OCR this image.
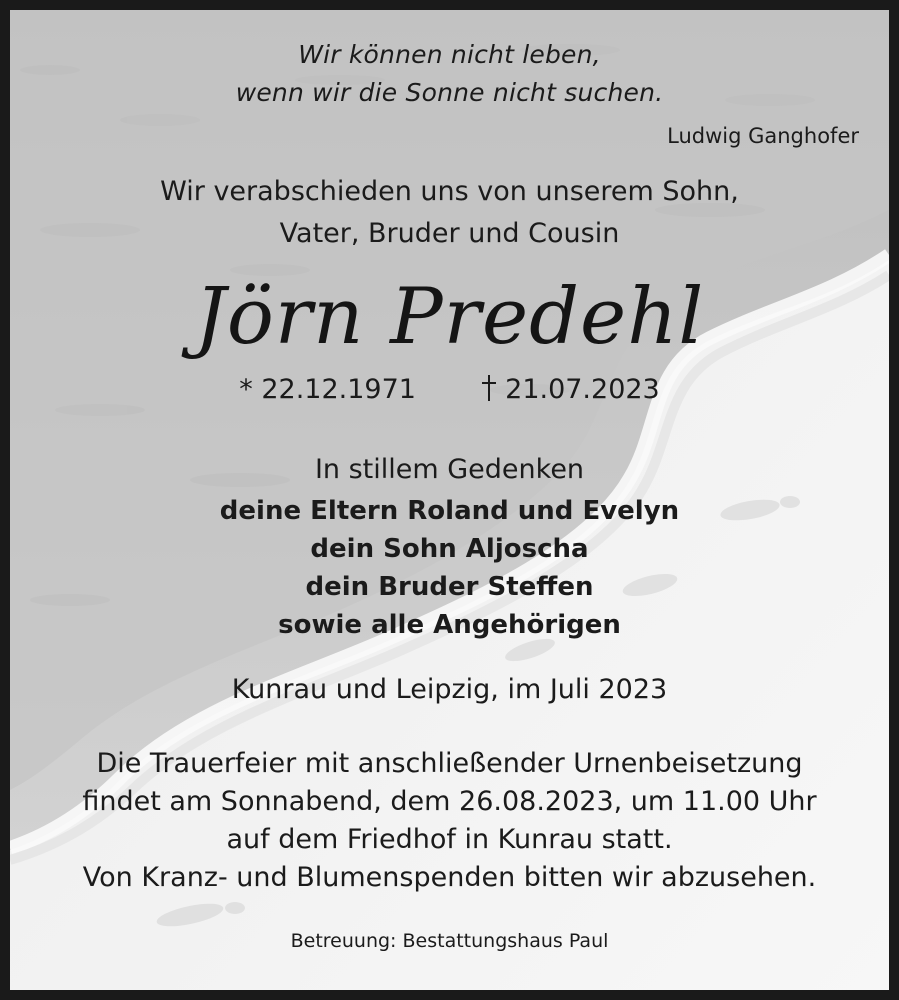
Wir können nicht leben,
wenn wir die Sonne nicht suchen.
Ludwig Ganghofer
Wir verabschieden uns von unserem Sohn,
Vater, Bruder und Cousin
Jörn Predehl
* 22.12.1971	21.07.2023
In stillem Gedenken
deine Eltern Roland und Evelyn
dein Sohn Aljoscha
dein Bruder Steffen
sowie alle Angehörigen
Kunrau und Leipzig, im Juli 2023
Die Trauerfeier mit anschließender Urnenbeisetzung
findet am Sonnabend, dem 26.08.2023, um 11.00 Uhr
auf dem Friedhof in Kunrau statt.
Von Kranz- und Blumenspenden bitten wir abzusehen.
Betreuung: Bestattungshaus Paul
